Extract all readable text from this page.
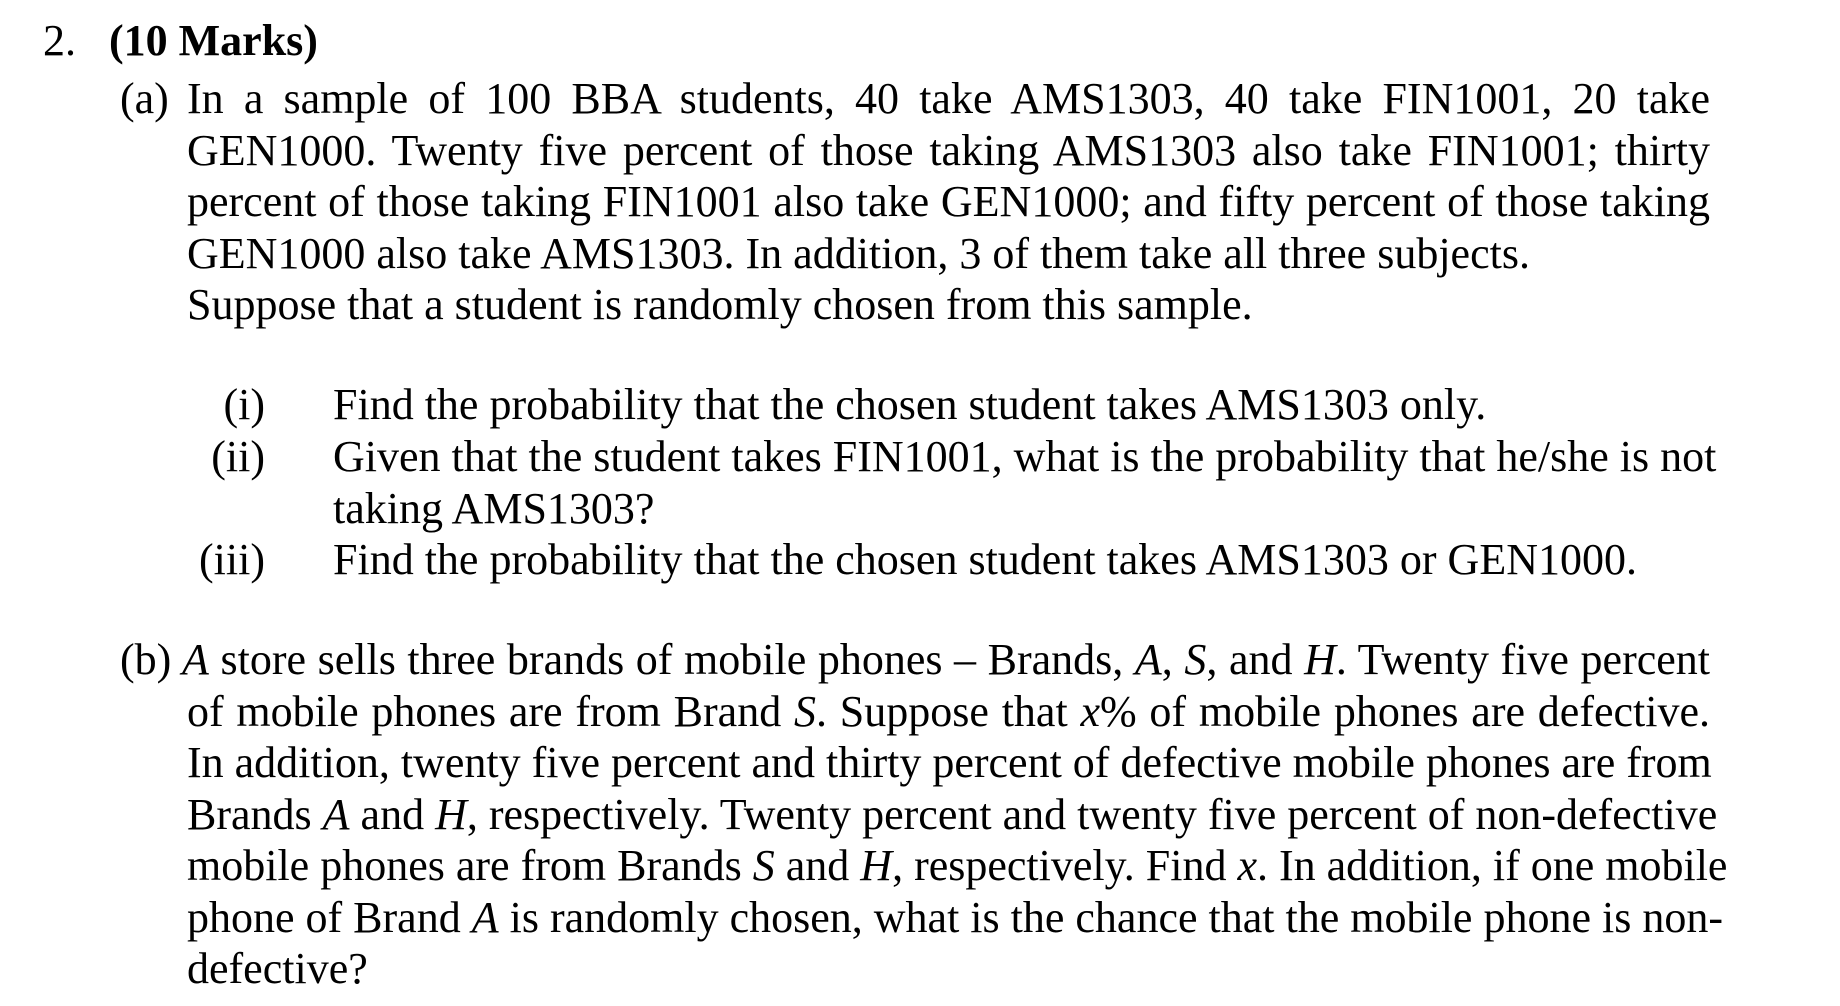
2. (10 Marks)
(a) In a sample of 100 BBA students, 40 take AMS1303, 40 take FIN1001, 20 take
GEN1000. Twenty five percent of those taking AMS1303 also take FIN1001; thirty
percent of those taking FIN1001 also take GEN1000; and fifty percent of those taking
GEN1000 also take AMS1303. In addition, 3 of them take all three subjects.
Suppose that a student is randomly chosen from this sample.
(i) Find the probability that the chosen student takes AMS1303 only.
(ii) Given that the student takes FIN1001, what is the probability that he/she is not
taking AMS1303?
(iii) Find the probability that the chosen student takes AMS1303 or GEN1000.
(b) A store sells three brands of mobile phones – Brands, A, S, and H. Twenty five percent
of mobile phones are from Brand S. Suppose that x% of mobile phones are defective.
In addition, twenty five percent and thirty percent of defective mobile phones are from
Brands A and H, respectively. Twenty percent and twenty five percent of non-defective
mobile phones are from Brands S and H, respectively. Find x. In addition, if one mobile
phone of Brand A is randomly chosen, what is the chance that the mobile phone is non-
defective?
